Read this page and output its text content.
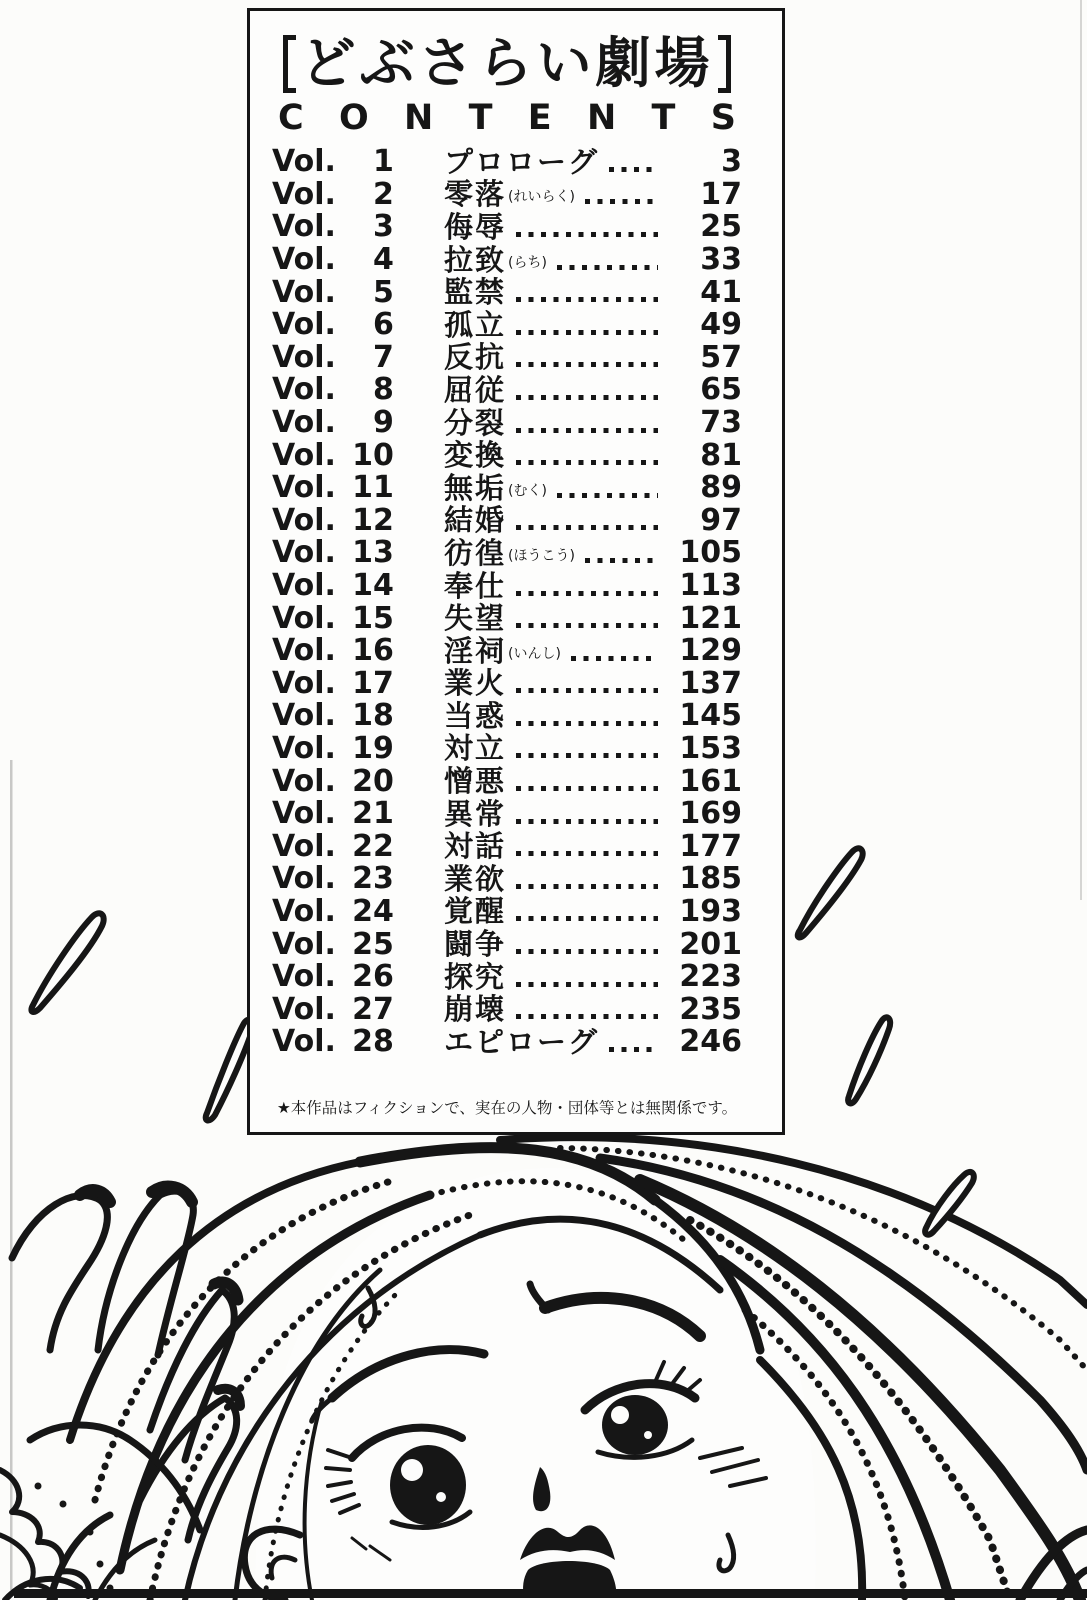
どぶさらい劇場
C O N T E N T S
Vol.	1 プロローグ	3
Vol.	2 零落 (れいらく)	17
Vol.	3 侮辱	25
Vol.	4 拉致 (らち)	33
Vol.	5 監禁	41
Vol.	6 孤立	49
Vol.	7 反抗	57
Vol.	8 屈従	65
Vol.	9 分裂	73
Vol. 10 変換	81
Vol. 11 無垢 (むく)	89
Vol. 12 結婚	97
Vol. 13 彷徨 (ほうこう)	105
Vol. 14 奉仕	113
Vol. 15 失望	121
Vol. 16 淫祠 (いんし)	129
Vol. 17 業火	137
Vol. 18 当惑	145
Vol. 19 対立	153
Vol. 20 憎悪	161
Vol. 21 異常	169
Vol. 22 対話	177
Vol. 23 業欲	185
Vol. 24 覚醒	193
Vol. 25 闘争	201
Vol. 26 探究	223
Vol. 27 崩壊	235
Vol. 28 エピローグ	246

★本作品はフィクションで、実在の人物・団体等とは無関係です。
